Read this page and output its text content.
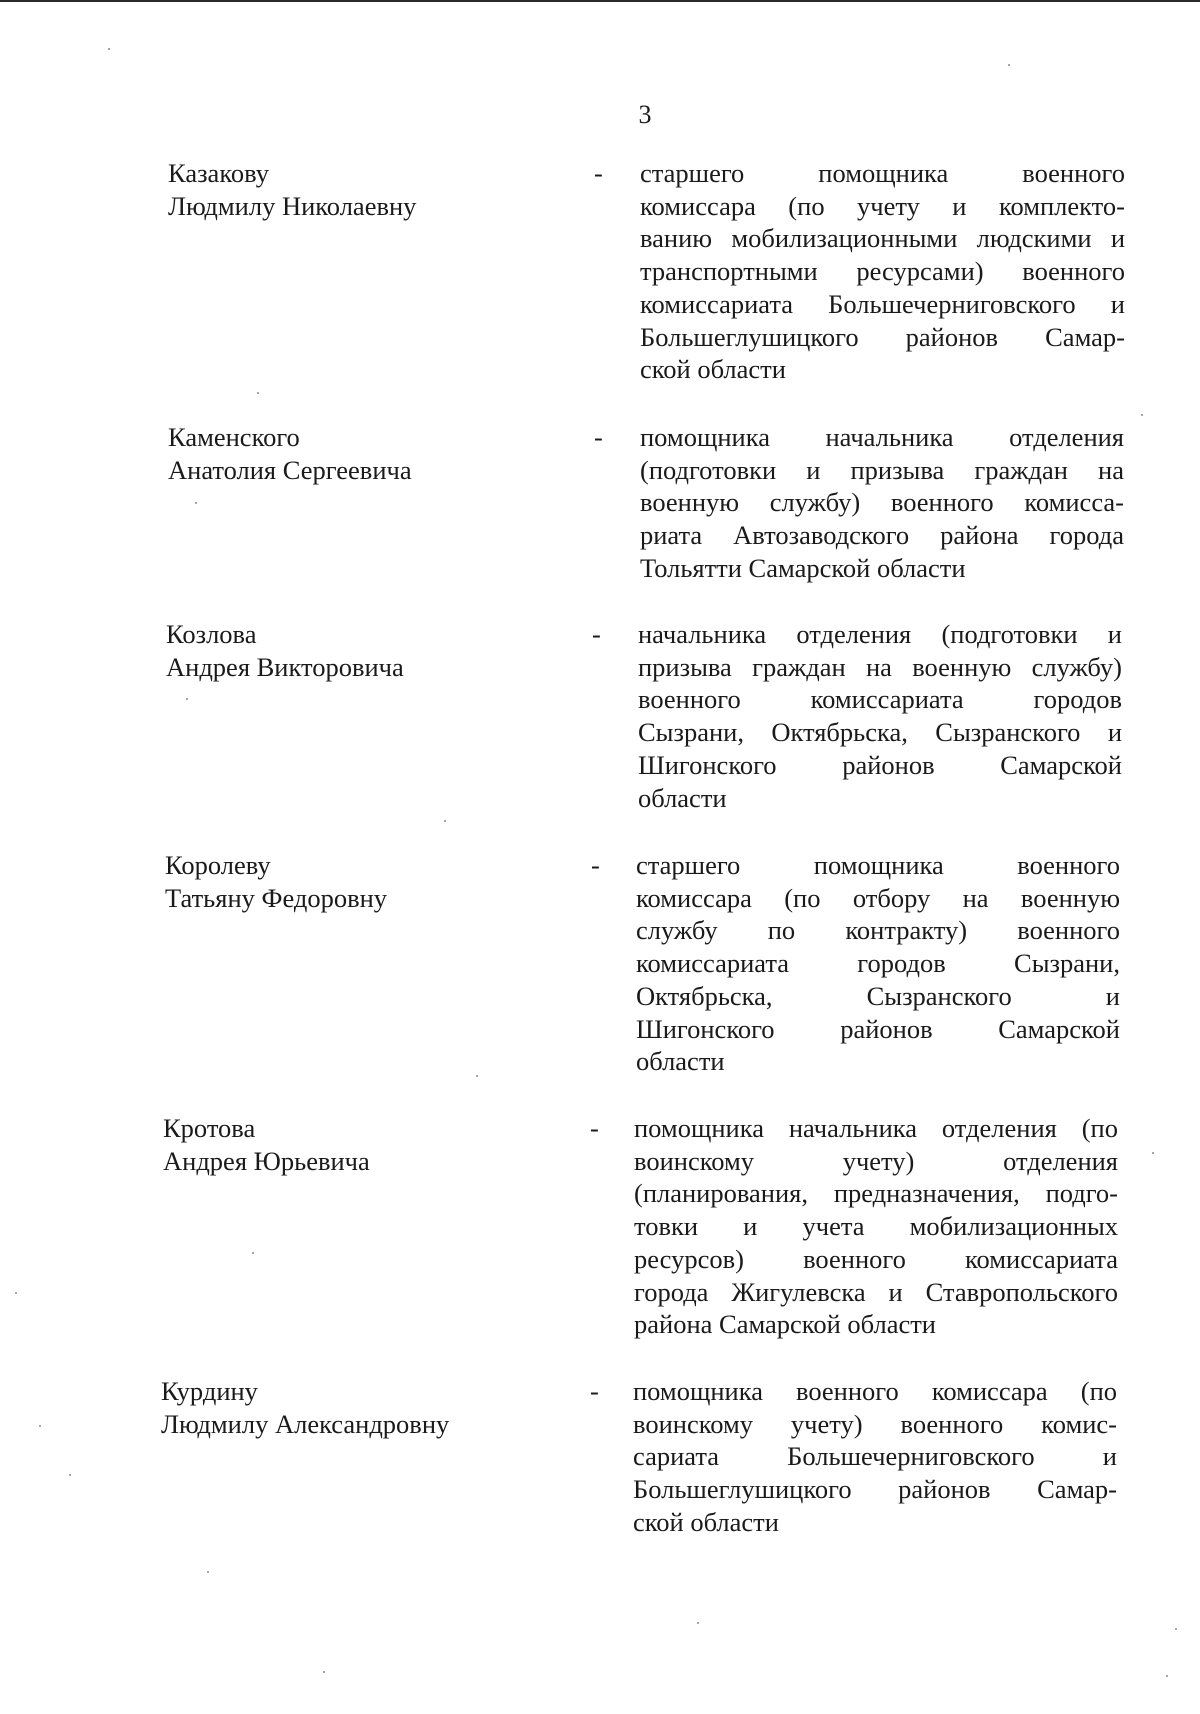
3
Казакову
Людмилу Николаевну
- старшего помощника военного
комиссара (по учету и комплекто-
ванию мобилизационными людскими и
транспортными ресурсами) военного
комиссариата Большечерниговского и
Большеглушицкого районов Самар-
ской области
Каменского
Анатолия Сергеевича
- помощника начальника отделения
(подготовки и призыва граждан на
военную службу) военного комисса-
риата Автозаводского района города
Тольятти Самарской области
Козлова
Андрея Викторовича
- начальника отделения (подготовки и
призыва граждан на военную службу)
военного комиссариата городов
Сызрани, Октябрьска, Сызранского и
Шигонского районов Самарской
области
Королеву
Татьяну Федоровну
- старшего помощника военного
комиссара (по отбору на военную
службу по контракту) военного
комиссариата городов Сызрани,
Октябрьска, Сызранского и
Шигонского районов Самарской
области
Кротова
Андрея Юрьевича
- помощника начальника отделения (по
воинскому учету) отделения
(планирования, предназначения, подго-
товки и учета мобилизационных
ресурсов) военного комиссариата
города Жигулевска и Ставропольского
района Самарской области
Курдину
Людмилу Александровну
- помощника военного комиссара (по
воинскому учету) военного комис-
сариата Большечерниговского и
Большеглушицкого районов Самар-
ской области
